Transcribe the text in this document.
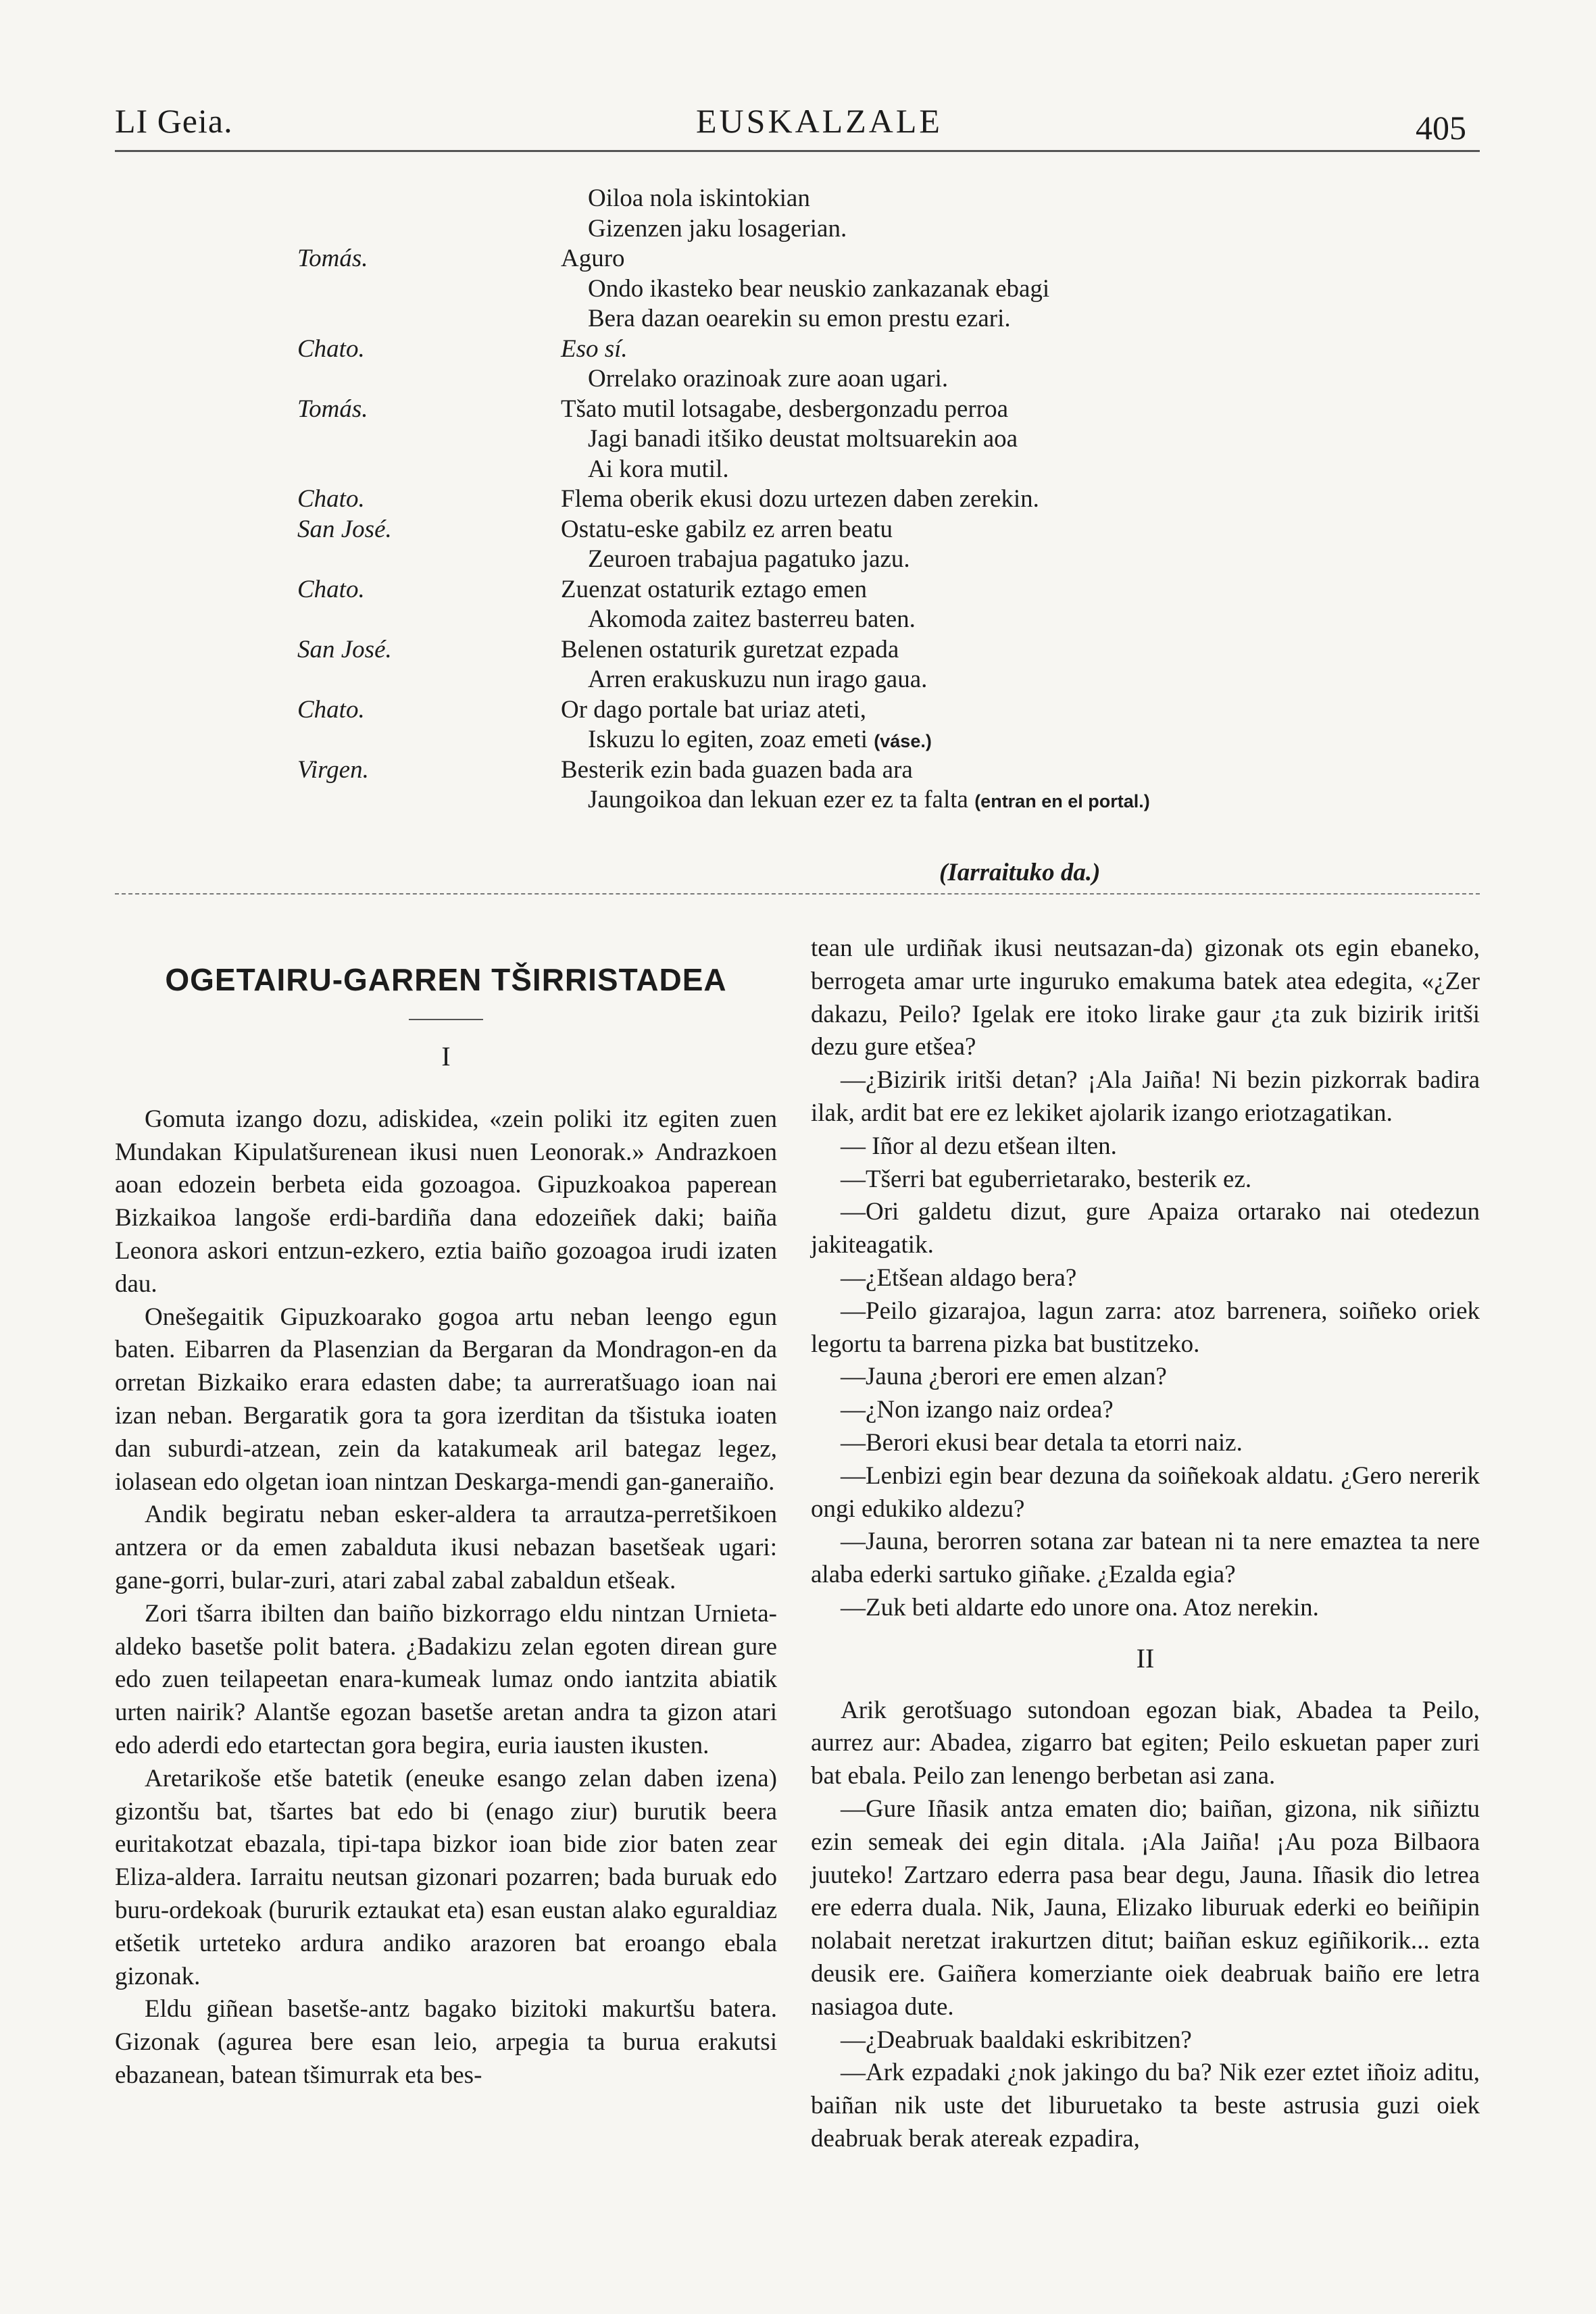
LI Geia.	EUSKALZALE	405
Oiloa nola iskintokian
Gizenzen jaku losagerian.
Tomás.	Aguro
Ondo ikasteko bear neuskio zankazanak ebagi
Bera dazan oearekin su emon prestu ezari.
Chato.	Eso sí.
Orrelako orazinoak zure aoan ugari.
Tomás.	Tšato mutil lotsagabe, desbergonzadu perroa
Jagi banadi itšiko deustat moltsuarekin aoa
Ai kora mutil.
Chato.	Flema oberik ekusi dozu urtezen daben zerekin.
San José.	Ostatu-eske gabilz ez arren beatu
Zeuroen trabajua pagatuko jazu.
Chato.	Zuenzat ostaturik eztago emen
Akomoda zaitez basterreu baten.
San José.	Belenen ostaturik guretzat ezpada
Arren erakuskuzu nun irago gaua.
Chato.	Or dago portale bat uriaz ateti,
Iskuzu lo egiten, zoaz emeti (váse.)
Virgen.	Besterik ezin bada guazen bada ara
Jaungoikoa dan lekuan ezer ez ta falta (entran en el portal.)
(Iarraituko da.)
OGETAIRU-GARREN TŠIRRISTADEA
I

Gomuta izango dozu, adiskidea, «zein poliki itz egiten zuen Mundakan Kipulatšurenean ikusi nuen Leonorak.» Andrazkoen aoan edozein berbeta eida gozoagoa. Gipuzkoakoa paperean Bizkaikoa langoše erdi-bardiña dana edozeiñek daki; baiña Leonora askori entzun-ezkero, eztia baiño gozoagoa irudi izaten dau.

Onešegaitik Gipuzkoarako gogoa artu neban leengo egun baten. Eibarren da Plasenzian da Bergaran da Mondragon-en da orretan Bizkaiko erara edasten dabe; ta aurreratšuago ioan nai izan neban. Bergaratik gora ta gora izerditan da tšistuka ioaten dan suburdi-atzean, zein da katakumeak aril bategaz legez, iolasean edo olgetan ioan nintzan Deskarga-mendi gan-ganeraiño.

Andik begiratu neban esker-aldera ta arrautza-perretšikoen antzera or da emen zabalduta ikusi nebazan basetšeak ugari: gane-gorri, bular-zuri, atari zabal zabal zabaldun etšeak.

Zori tšarra ibilten dan baiño bizkorrago eldu nintzan Urnieta-aldeko basetše polit batera. ¿Badakizu zelan egoten direan gure edo zuen teilapeetan enara-kumeak lumaz ondo iantzita abiatik urten nairik? Alantše egozan basetše aretan andra ta gizon atari edo aderdi edo etartectan gora begira, euria iausten ikusten.

Aretarikoše etše batetik (eneuke esango zelan daben izena) gizontšu bat, tšartes bat edo bi (enago ziur) burutik beera euritakotzat ebazala, tipi-tapa bizkor ioan bide zior baten zear Eliza-aldera. Iarraitu neutsan gizonari pozarren; bada buruak edo buru-ordekoak (bururik eztaukat eta) esan eustan alako eguraldiaz etšetik urteteko ardura andiko arazoren bat eroango ebala gizonak.

Eldu giñean basetše-antz bagako bizitoki makurtšu batera. Gizonak (agurea bere esan leio, arpegia ta burua erakutsi ebazanean, batean tšimurrak eta bes-

tean ule urdiñak ikusi neutsazan-da) gizonak ots egin ebaneko, berrogeta amar urte inguruko emakuma batek atea edegita, «¿Zer dakazu, Peilo? Igelak ere itoko lirake gaur ¿ta zuk bizirik iritši dezu gure etšea?

—¿Bizirik iritši detan? ¡Ala Jaiña! Ni bezin pizkorrak badira ilak, ardit bat ere ez lekiket ajolarik izango eriotzagatikan.

— Iñor al dezu etšean ilten.

—Tšerri bat eguberrietarako, besterik ez.

—Ori galdetu dizut, gure Apaiza ortarako nai otedezun jakiteagatik.

—¿Etšean aldago bera?

—Peilo gizarajoa, lagun zarra: atoz barrenera, soiñeko oriek legortu ta barrena pizka bat bustitzeko.

—Jauna ¿berori ere emen alzan?

—¿Non izango naiz ordea?

—Berori ekusi bear detala ta etorri naiz.

—Lenbizi egin bear dezuna da soiñekoak aldatu. ¿Gero nererik ongi edukiko aldezu?

—Jauna, berorren sotana zar batean ni ta nere emaztea ta nere alaba ederki sartuko giñake. ¿Ezalda egia?

—Zuk beti aldarte edo unore ona. Atoz nerekin.

II

Arik gerotšuago sutondoan egozan biak, Abadea ta Peilo, aurrez aur: Abadea, zigarro bat egiten; Peilo eskuetan paper zuri bat ebala. Peilo zan lenengo berbetan asi zana.

—Gure Iñasik antza ematen dio; baiñan, gizona, nik siñiztu ezin semeak dei egin ditala. ¡Ala Jaiña! ¡Au poza Bilbaora juuteko! Zartzaro ederra pasa bear degu, Jauna. Iñasik dio letrea ere ederra duala. Nik, Jauna, Elizako liburuak ederki eo beiñipin nolabait neretzat irakurtzen ditut; baiñan eskuz egiñikorik... ezta deusik ere. Gaiñera komerziante oiek deabruak baiño ere letra nasiagoa dute.

—¿Deabruak baaldaki eskribitzen?

—Ark ezpadaki ¿nok jakingo du ba? Nik ezer eztet iñoiz aditu, baiñan nik uste det liburuetako ta beste astrusia guzi oiek deabruak berak atereak ezpadira,
